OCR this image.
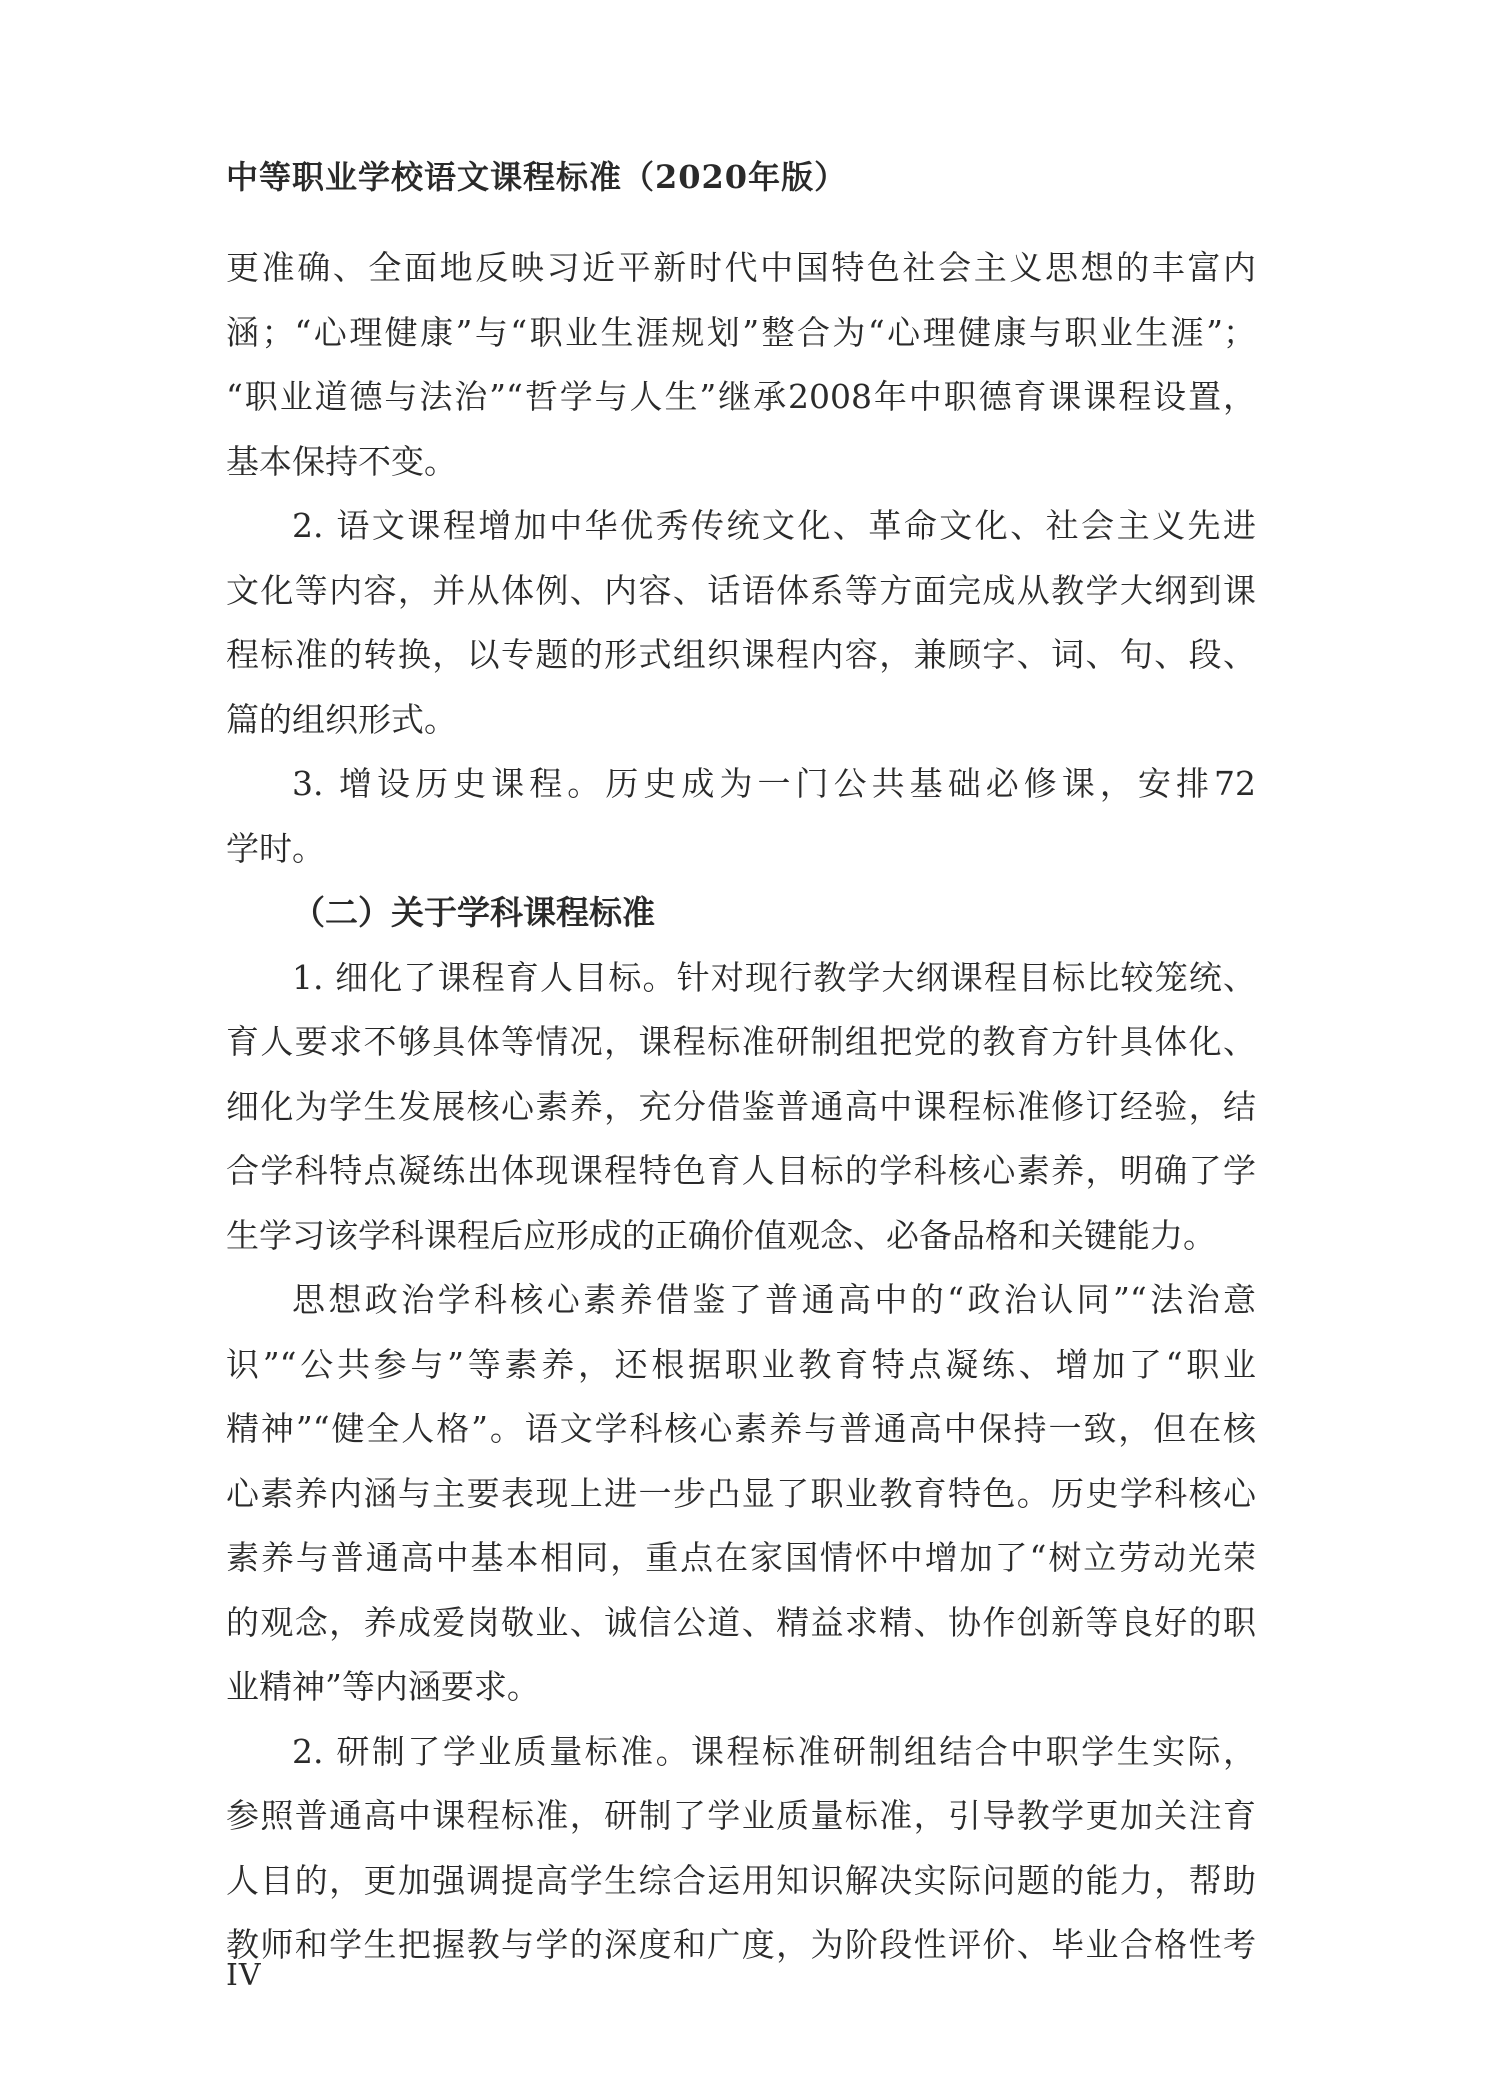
中等职业学校语文课程标准（2020年版）
更准确、全面地反映习近平新时代中国特色社会主义思想的丰富内
涵；“心理健康”与“职业生涯规划”整合为“心理健康与职业生涯”；
“职业道德与法治”“哲学与人生”继承2008年中职德育课课程设置，
基本保持不变。
2. 语文课程增加中华优秀传统文化、革命文化、社会主义先进
文化等内容，并从体例、内容、话语体系等方面完成从教学大纲到课
程标准的转换，以专题的形式组织课程内容，兼顾字、词、句、段、
篇的组织形式。
3. 增设历史课程。历史成为一门公共基础必修课，安排72
学时。
（二）关于学科课程标准
1. 细化了课程育人目标。针对现行教学大纲课程目标比较笼统、
育人要求不够具体等情况，课程标准研制组把党的教育方针具体化、
细化为学生发展核心素养，充分借鉴普通高中课程标准修订经验，结
合学科特点凝练出体现课程特色育人目标的学科核心素养，明确了学
生学习该学科课程后应形成的正确价值观念、必备品格和关键能力。
思想政治学科核心素养借鉴了普通高中的“政治认同”“法治意
识”“公共参与”等素养，还根据职业教育特点凝练、增加了“职业
精神”“健全人格”。语文学科核心素养与普通高中保持一致，但在核
心素养内涵与主要表现上进一步凸显了职业教育特色。历史学科核心
素养与普通高中基本相同，重点在家国情怀中增加了“树立劳动光荣
的观念，养成爱岗敬业、诚信公道、精益求精、协作创新等良好的职
业精神”等内涵要求。
2. 研制了学业质量标准。课程标准研制组结合中职学生实际，
参照普通高中课程标准，研制了学业质量标准，引导教学更加关注育
人目的，更加强调提高学生综合运用知识解决实际问题的能力，帮助
教师和学生把握教与学的深度和广度，为阶段性评价、毕业合格性考
IV
